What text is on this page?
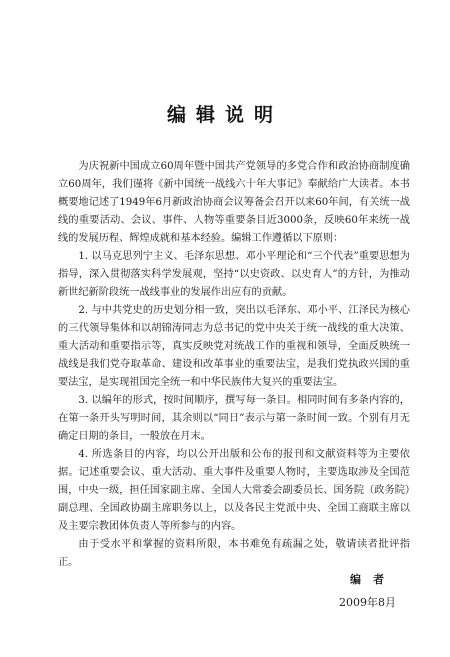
编辑说明

为庆祝新中国成立60周年暨中国共产党领导的多党合作和政治协商制度确立60周年，我们谨将《新中国统一战线六十年大事记》奉献给广大读者。本书概要地记述了1949年6月新政治协商会议筹备会召开以来60年间，有关统一战线的重要活动、会议、事件、人物等重要条目近3000条，反映60年来统一战线的发展历程、辉煌成就和基本经验。编辑工作遵循以下原则：

1. 以马克思列宁主义、毛泽东思想、邓小平理论和“三个代表”重要思想为指导，深入贯彻落实科学发展观，坚持“以史资政、以史育人”的方针，为推动新世纪新阶段统一战线事业的发展作出应有的贡献。

2. 与中共党史的历史划分相一致，突出以毛泽东、邓小平、江泽民为核心的三代领导集体和以胡锦涛同志为总书记的党中央关于统一战线的重大决策、重大活动和重要指示等，真实反映党对统战工作的重视和领导，全面反映统一战线是我们党夺取革命、建设和改革事业的重要法宝，是我们党执政兴国的重要法宝，是实现祖国完全统一和中华民族伟大复兴的重要法宝。

3. 以编年的形式，按时间顺序，撰写每一条目。相同时间有多条内容的，在第一条开头写明时间，其余则以“同日”表示与第一条时间一致。个别有月无确定日期的条目，一般放在月末。

4. 所选条目的内容，均以公开出版和公布的报刊和文献资料等为主要依据。记述重要会议、重大活动、重大事件及重要人物时，主要选取涉及全国范围，中央一级，担任国家副主席、全国人大常委会副委员长、国务院（政务院）副总理、全国政协副主席职务以上，以及各民主党派中央、全国工商联主席以及主要宗教团体负责人等所参与的内容。

由于受水平和掌握的资料所限，本书难免有疏漏之处，敬请读者批评指正。

编者
2009年8月
